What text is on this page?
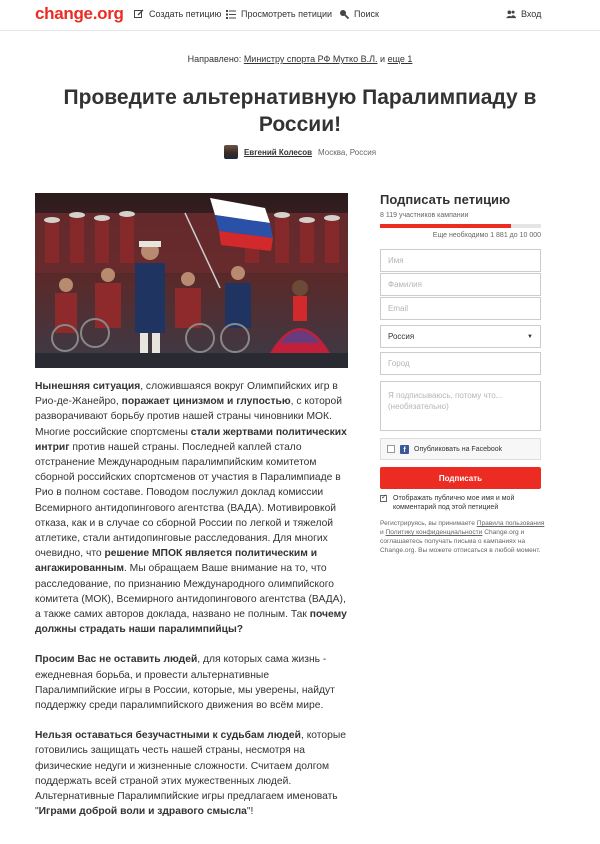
change.org	Создать петицию Просмотреть петиции Поиск	Вход
Направлено: Министру спорта РФ Мутко В.Л. и еще 1
Проведите альтернативную Паралимпиаду в России!
Евгений Колесов Москва, Россия

Нынешняя ситуация, сложившаяся вокруг Олимпийских игр в Рио-де-Жанейро, поражает цинизмом и глупостью, с которой разворачивают борьбу против нашей страны чиновники МОК. Многие российские спортсмены стали жертвами политических интриг против нашей страны. Последней каплей стало отстранение Международным паралимпийским комитетом сборной российских спортсменов от участия в Паралимпиаде в Рио в полном составе. Поводом послужил доклад комиссии Всемирного антидопингового агентства (ВАДА). Мотивировкой отказа, как и в случае со сборной России по легкой и тяжелой атлетике, стали антидопинговые расследования. Для многих очевидно, что решение МПОК является политическим и ангажированным. Мы обращаем Ваше внимание на то, что расследование, по признанию Международного олимпийского комитета (МОК), Всемирного антидопингового агентства (ВАДА), а также самих авторов доклада, названо не полным. Так почему должны страдать наши паралимпийцы?

Просим Вас не оставить людей, для которых сама жизнь - ежедневная борьба, и провести альтернативные Паралимпийские игры в России, которые, мы уверены, найдут поддержку среди паралимпийского движения во всём мире.

Нельзя оставаться безучастными к судьбам людей, которые готовились защищать честь нашей страны, несмотря на физические недуги и жизненные сложности. Считаем долгом поддержать всей страной этих мужественных людей. Альтернативные Паралимпийские игры предлагаем именовать "Играми доброй воли и здравого смысла"!

Подписать петицию
8 119 участников кампании
Еще необходимо 1 881 до 10 000
Имя
Фамилия
Email
Россия	▼
Город
Я подписываюсь, потому что... (необязательно)
f	Опубликовать на Facebook
Подписать
✓
Отображать публично мое имя и мой комментарий под этой петицией
Регистрируясь, вы принимаете Правила пользования и Политику конфиденциальности Change.org и соглашаетесь получать письма о кампаниях на Change.org. Вы можете отписаться в любой момент.
